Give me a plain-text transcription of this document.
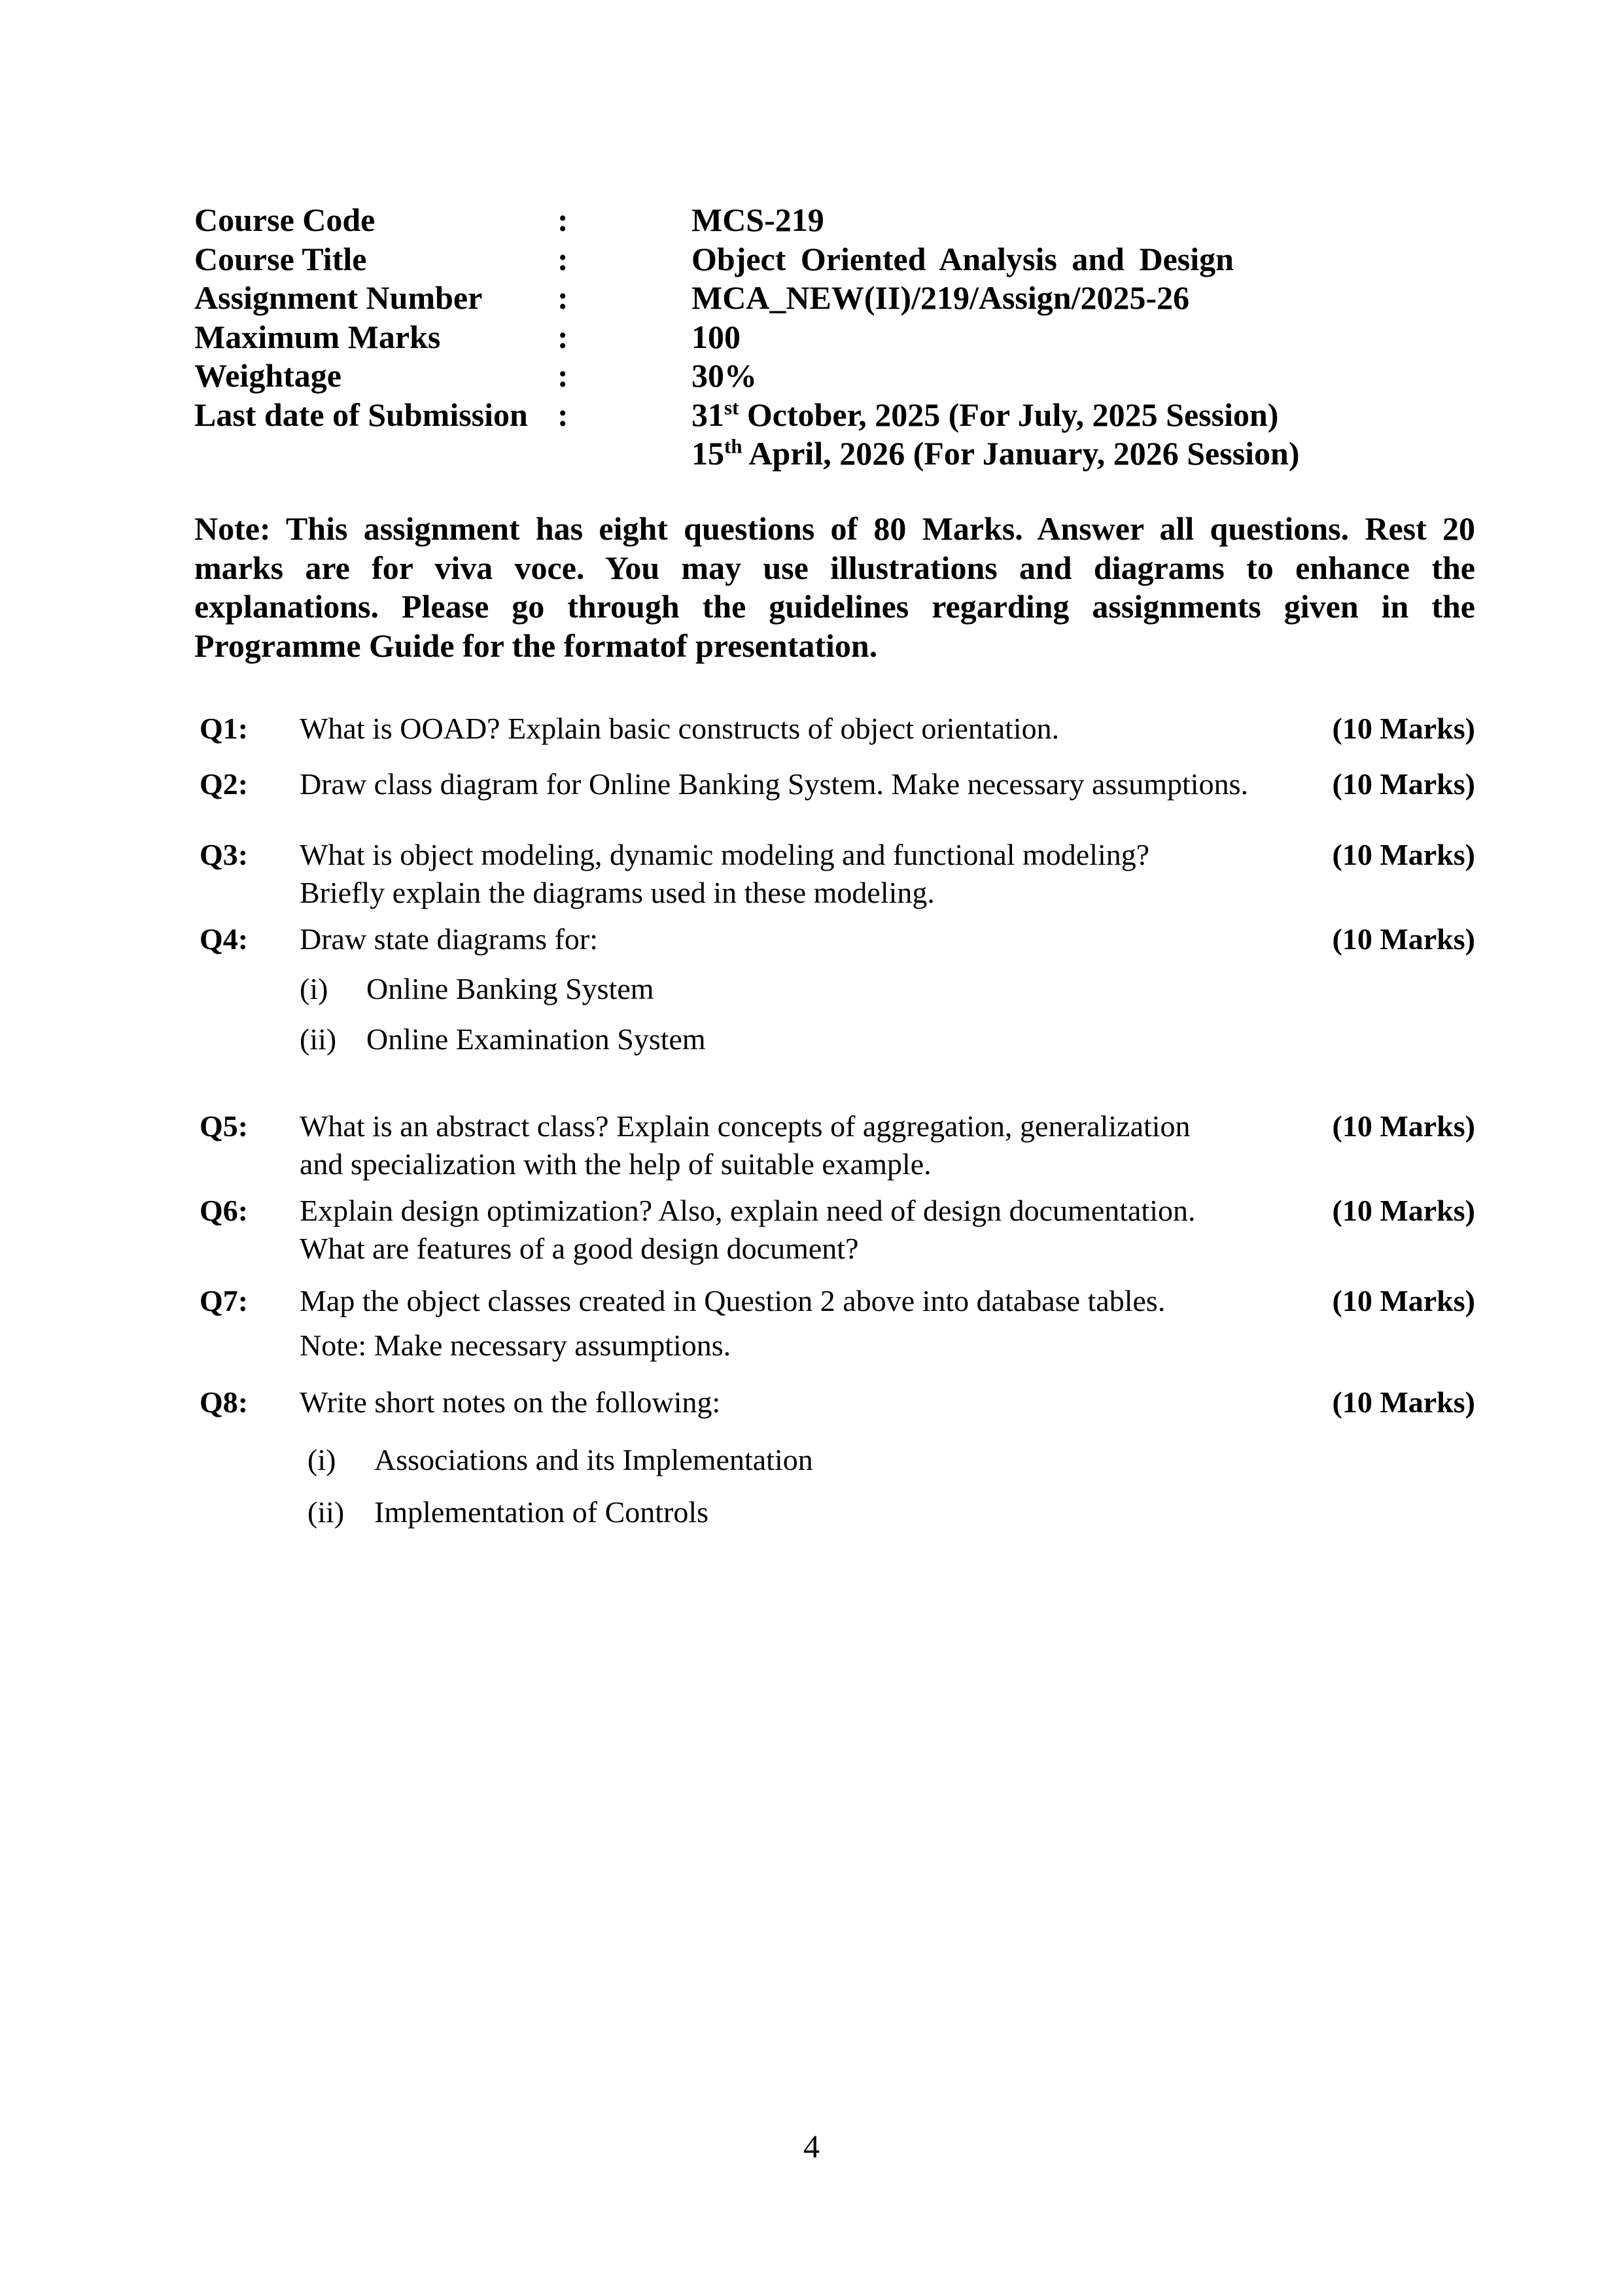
Course Code	:	MCS-219
Course Title	:	Object Oriented Analysis and Design
Assignment Number	:	MCA_NEW(II)/219/Assign/2025-26
Maximum Marks	:	100
Weightage	:	30%
Last date of Submission :	31st October, 2025 (For July, 2025 Session)
15th April, 2026 (For January, 2026 Session)
Note: This assignment has eight questions of 80 Marks. Answer all questions. Rest 20
marks are for viva voce. You may use illustrations and diagrams to enhance the
explanations. Please go through the guidelines regarding assignments given in the
Programme Guide for the formatof presentation.
Q1:	What is OOAD? Explain basic constructs of object orientation.	(10 Marks)
Q2:	Draw class diagram for Online Banking System. Make necessary assumptions.	(10 Marks)
Q3:	What is object modeling, dynamic modeling and functional modeling?
Briefly explain the diagrams used in these modeling.
(10 Marks)
Q4:	Draw state diagrams for:	(10 Marks)
(i)	Online Banking System
(ii) Online Examination System
Q5:	What is an abstract class? Explain concepts of aggregation, generalization
and specialization with the help of suitable example.
(10 Marks)
Q6:	Explain design optimization? Also, explain need of design documentation.
What are features of a good design document?
(10 Marks)
Q7:	Map the object classes created in Question 2 above into database tables.	(10 Marks)
Note: Make necessary assumptions.
Q8:	Write short notes on the following:	(10 Marks)
(i)	Associations and its Implementation
(ii) Implementation of Controls
4
